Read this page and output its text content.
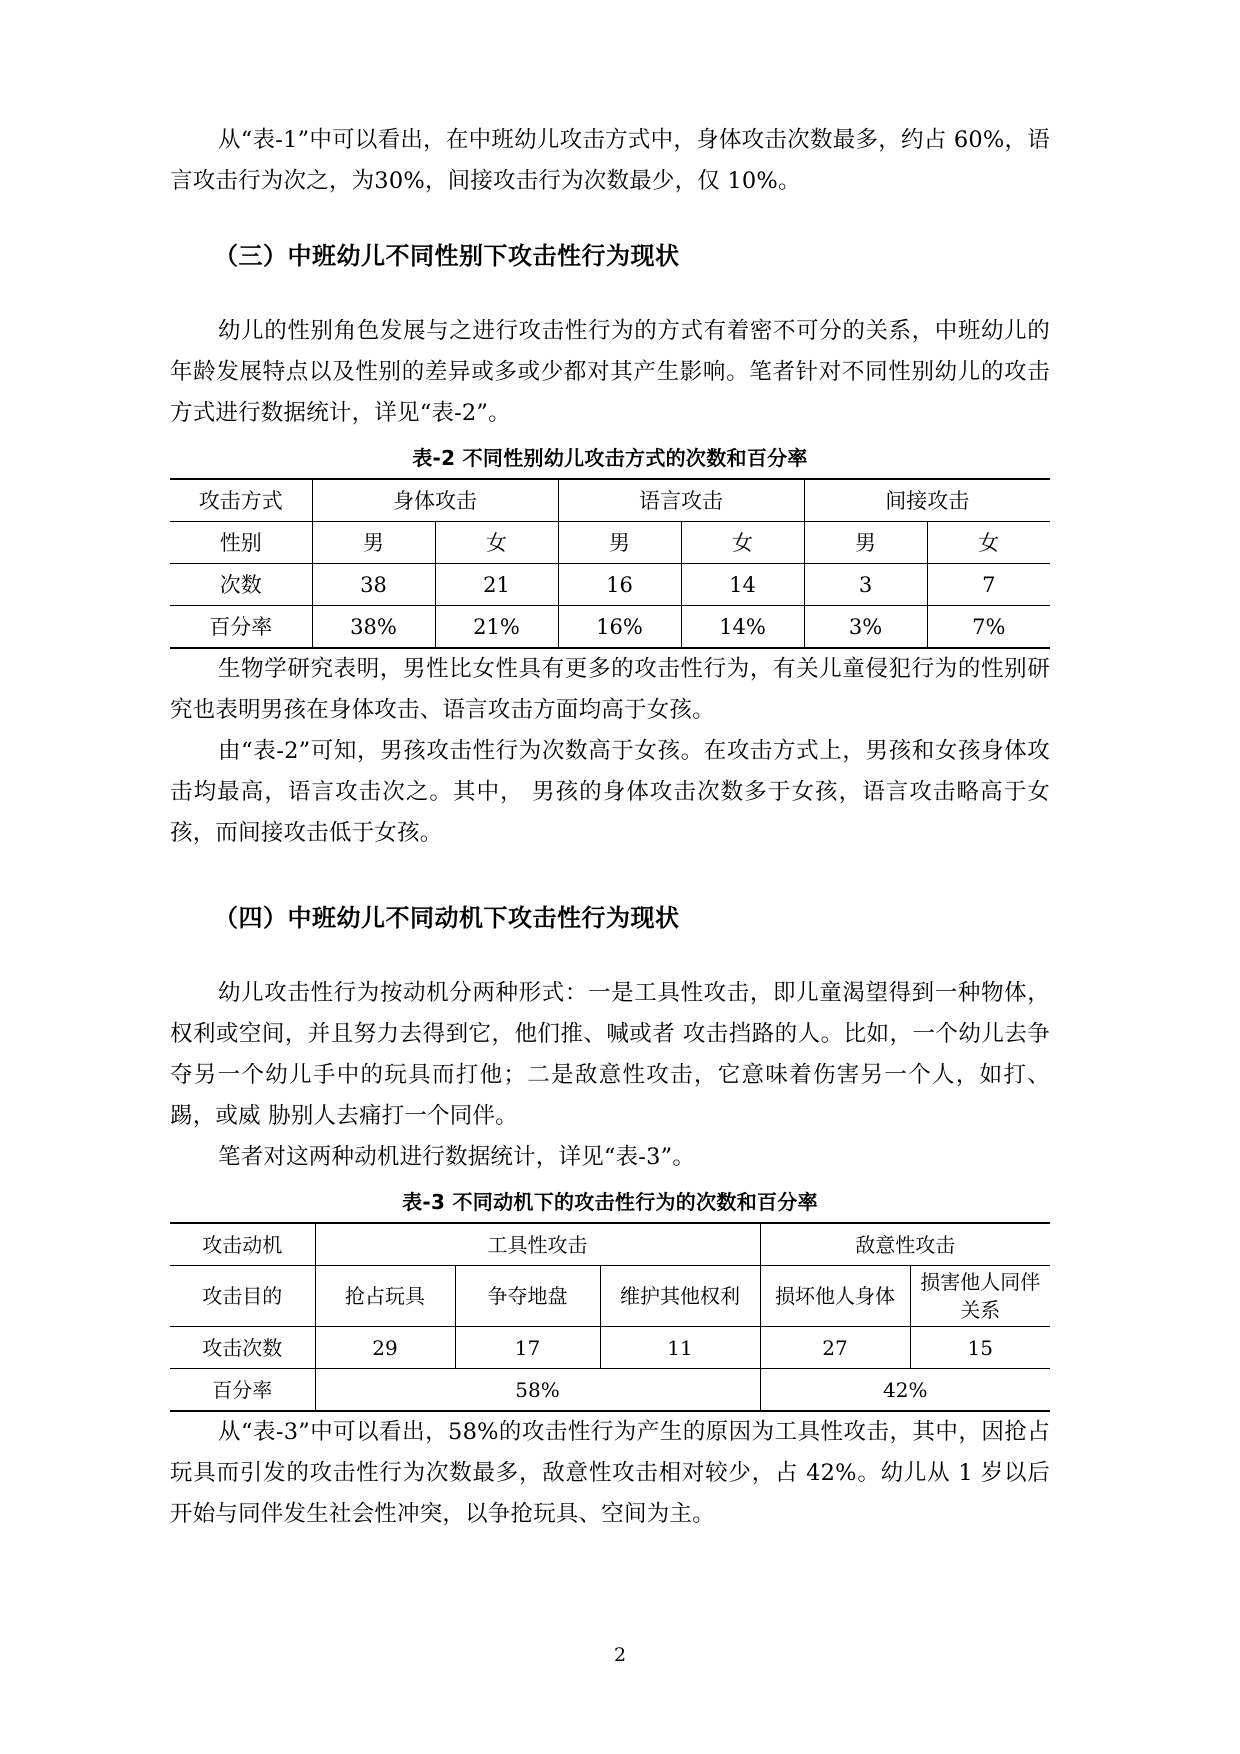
从“表-1”中可以看出，在中班幼儿攻击方式中，身体攻击次数最多，约占 60%，语言攻击行为次之，为30%，间接攻击行为次数最少，仅 10%。

（三）中班幼儿不同性别下攻击性行为现状

幼儿的性别角色发展与之进行攻击性行为的方式有着密不可分的关系，中班幼儿的年龄发展特点以及性别的差异或多或少都对其产生影响。笔者针对不同性别幼儿的攻击方式进行数据统计，详见“表-2”。

表-2 不同性别幼儿攻击方式的次数和百分率

攻击方式	身体攻击		语言攻击		间接攻击	
性别	男	女	男	女	男	女
次数	38	21	16	14	3	7
百分率	38%	21%	16%	14%	3%	7%

生物学研究表明，男性比女性具有更多的攻击性行为，有关儿童侵犯行为的性别研究也表明男孩在身体攻击、语言攻击方面均高于女孩。

由“表-2”可知，男孩攻击性行为次数高于女孩。在攻击方式上，男孩和女孩身体攻击均最高，语言攻击次之。其中， 男孩的身体攻击次数多于女孩，语言攻击略高于女孩，而间接攻击低于女孩。

（四）中班幼儿不同动机下攻击性行为现状

幼儿攻击性行为按动机分两种形式：一是工具性攻击，即儿童渴望得到一种物体，权利或空间，并且努力去得到它，他们推、喊或者 攻击挡路的人。比如，一个幼儿去争夺另一个幼儿手中的玩具而打他；二是敌意性攻击，它意味着伤害另一个人，如打、踢，或威 胁别人去痛打一个同伴。

笔者对这两种动机进行数据统计，详见“表-3”。

表-3 不同动机下的攻击性行为的次数和百分率

攻击动机	工具性攻击			敌意性攻击	
攻击目的	抢占玩具	争夺地盘	维护其他权利	损坏他人身体	损害他人同伴关系
攻击次数	29	17	11	27	15
百分率	58%			42%	

从“表-3”中可以看出，58%的攻击性行为产生的原因为工具性攻击，其中，因抢占玩具而引发的攻击性行为次数最多，敌意性攻击相对较少，占 42%。幼儿从 1 岁以后开始与同伴发生社会性冲突，以争抢玩具、空间为主。

2
